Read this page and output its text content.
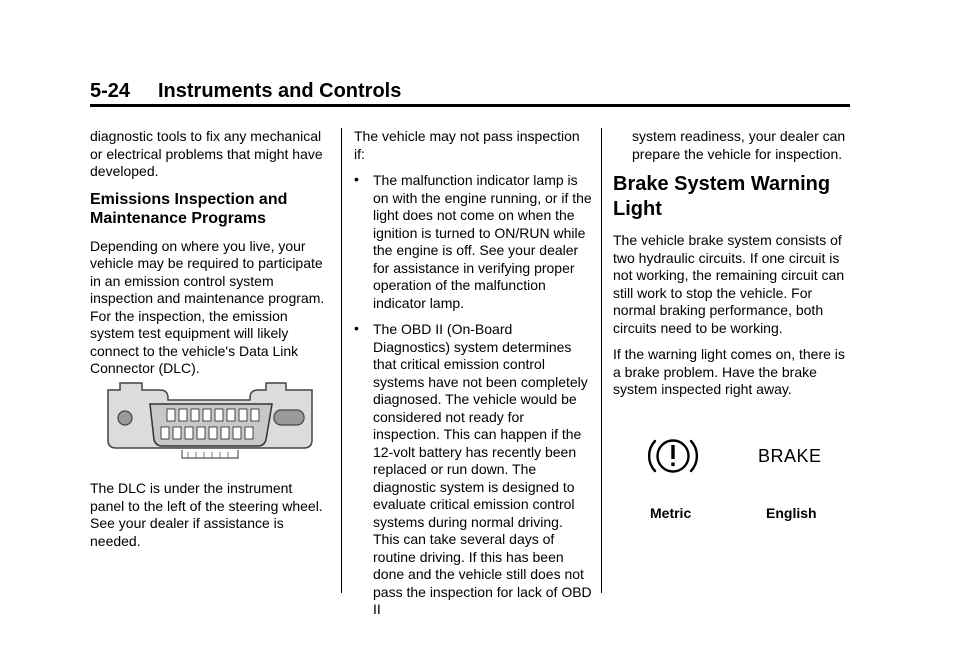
5-24 Instruments and Controls

diagnostic tools to fix any mechanical or electrical problems that might have developed.

Emissions Inspection and Maintenance Programs

Depending on where you live, your vehicle may be required to participate in an emission control system inspection and maintenance program. For the inspection, the emission system test equipment will likely connect to the vehicle's Data Link Connector (DLC).

The DLC is under the instrument panel to the left of the steering wheel. See your dealer if assistance is needed.

The vehicle may not pass inspection if:

• The malfunction indicator lamp is on with the engine running, or if the light does not come on when the ignition is turned to ON/RUN while the engine is off. See your dealer for assistance in verifying proper operation of the malfunction indicator lamp.
• The OBD II (On-Board Diagnostics) system determines that critical emission control systems have not been completely diagnosed. The vehicle would be considered not ready for inspection. This can happen if the 12-volt battery has recently been replaced or run down. The diagnostic system is designed to evaluate critical emission control systems during normal driving. This can take several days of routine driving. If this has been done and the vehicle still does not pass the inspection for lack of OBD II

system readiness, your dealer can prepare the vehicle for inspection.

Brake System Warning Light

The vehicle brake system consists of two hydraulic circuits. If one circuit is not working, the remaining circuit can still work to stop the vehicle. For normal braking performance, both circuits need to be working.

If the warning light comes on, there is a brake problem. Have the brake system inspected right away.

BRAKE
Metric	English
